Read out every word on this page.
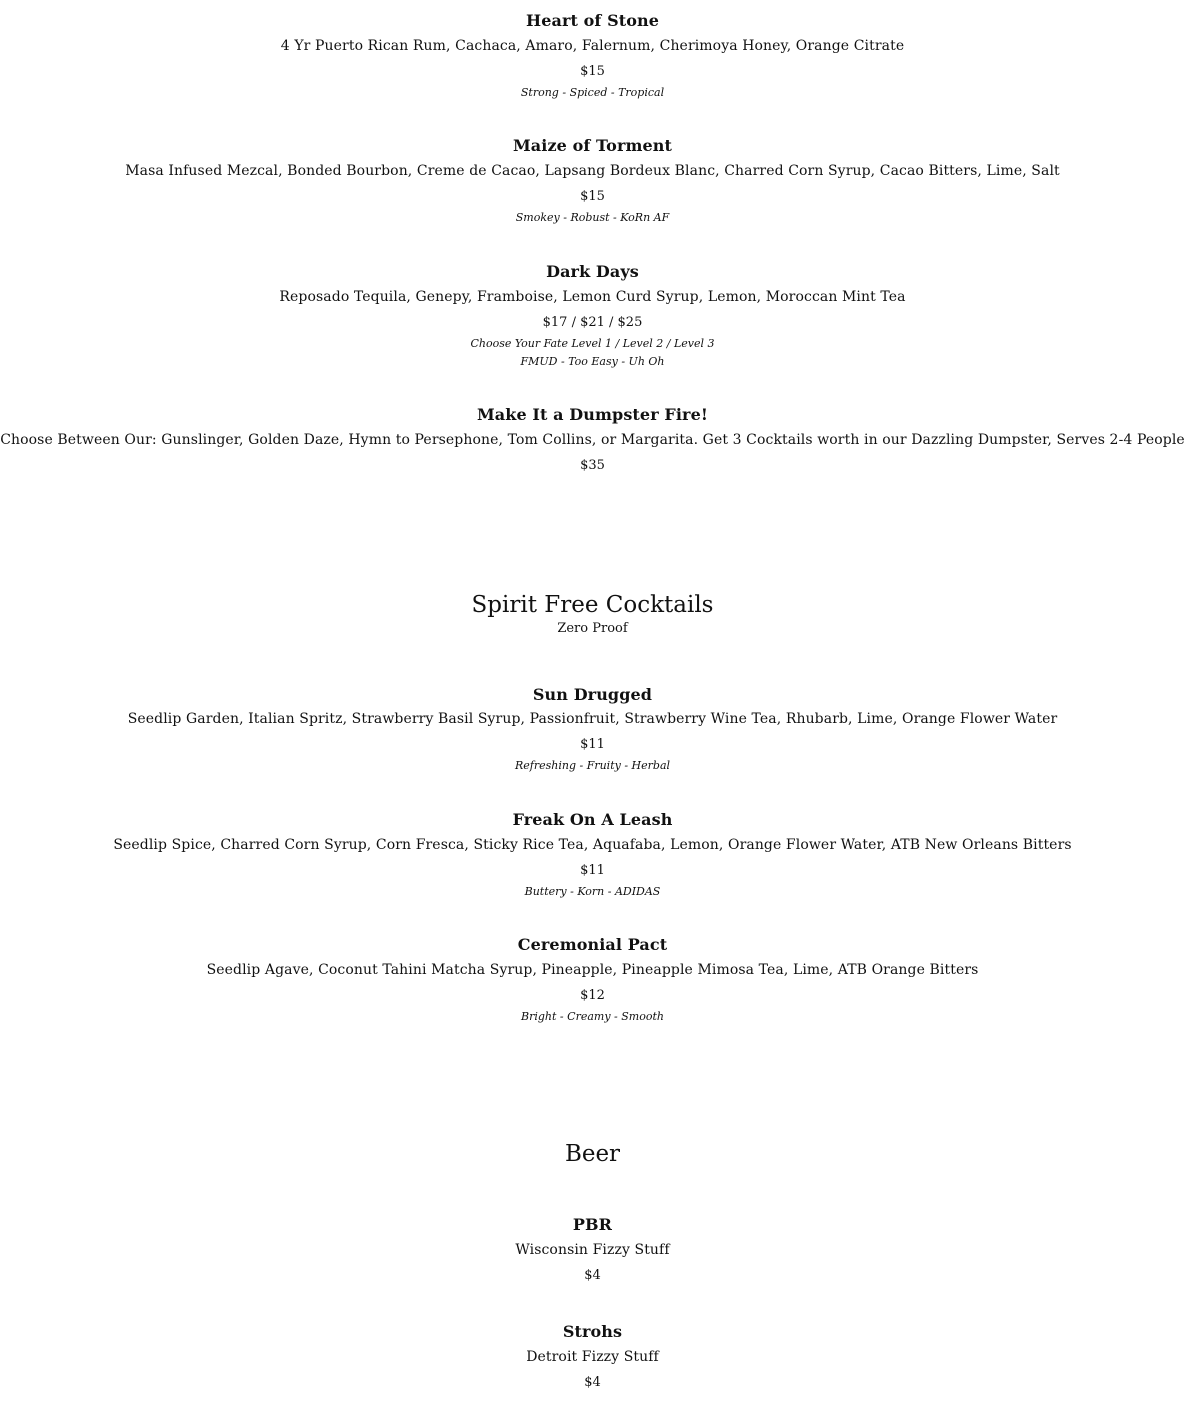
Heart of Stone
4 Yr Puerto Rican Rum, Cachaca, Amaro, Falernum, Cherimoya Honey, Orange Citrate
$15
Strong - Spiced - Tropical
Maize of Torment
Masa Infused Mezcal, Bonded Bourbon, Creme de Cacao, Lapsang Bordeux Blanc, Charred Corn Syrup, Cacao Bitters, Lime, Salt
$15
Smokey - Robust - KoRn AF
Dark Days
Reposado Tequila, Genepy, Framboise, Lemon Curd Syrup, Lemon, Moroccan Mint Tea
$17 / $21 / $25
Choose Your Fate Level 1 / Level 2 / Level 3
FMUD - Too Easy - Uh Oh
Make It a Dumpster Fire!
Choose Between Our: Gunslinger, Golden Daze, Hymn to Persephone, Tom Collins, or Margarita. Get 3 Cocktails worth in our Dazzling Dumpster, Serves 2-4 People
$35
Spirit Free Cocktails
Zero Proof
Sun Drugged
Seedlip Garden, Italian Spritz, Strawberry Basil Syrup, Passionfruit, Strawberry Wine Tea, Rhubarb, Lime, Orange Flower Water
$11
Refreshing - Fruity - Herbal
Freak On A Leash
Seedlip Spice, Charred Corn Syrup, Corn Fresca, Sticky Rice Tea, Aquafaba, Lemon, Orange Flower Water, ATB New Orleans Bitters
$11
Buttery - Korn - ADIDAS
Ceremonial Pact
Seedlip Agave, Coconut Tahini Matcha Syrup, Pineapple, Pineapple Mimosa Tea, Lime, ATB Orange Bitters
$12
Bright - Creamy - Smooth
Beer
PBR
Wisconsin Fizzy Stuff
$4
Strohs
Detroit Fizzy Stuff
$4
